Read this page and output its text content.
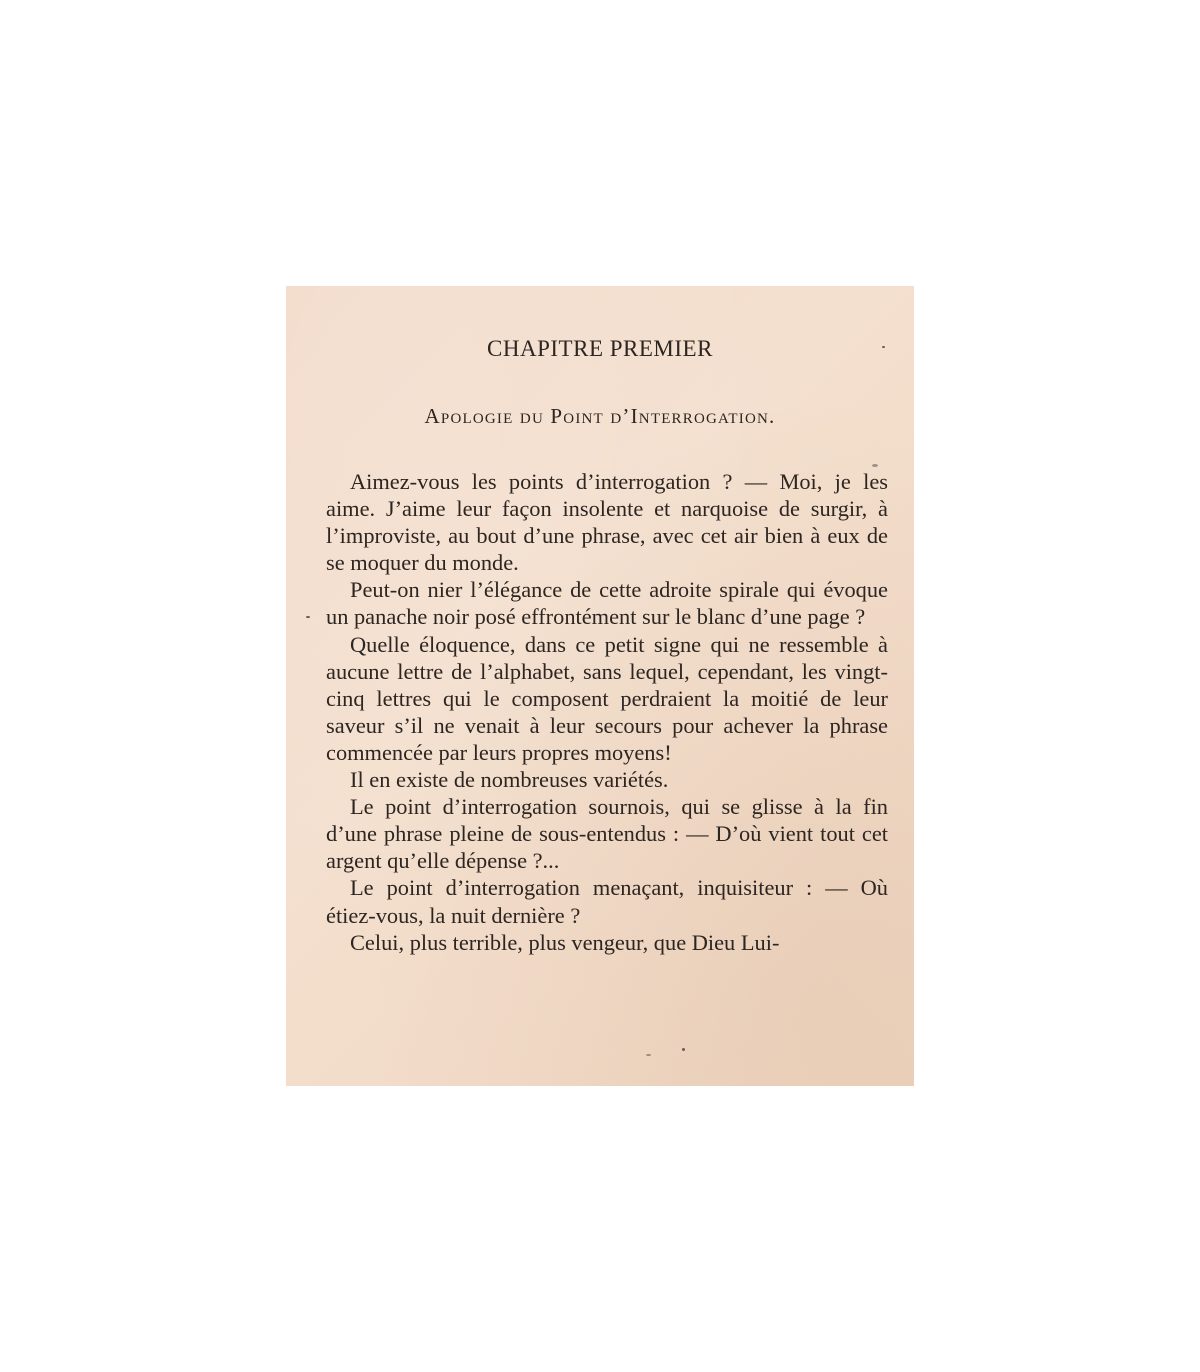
CHAPITRE PREMIER
Apologie du Point d’Interrogation.

Aimez-vous les points d’interrogation ? — Moi, je les aime. J’aime leur façon insolente et narquoise de surgir, à l’improviste, au bout d’une phrase, avec cet air bien à eux de se moquer du monde.

Peut-on nier l’élégance de cette adroite spirale qui évoque un panache noir posé effrontément sur le blanc d’une page ?

Quelle éloquence, dans ce petit signe qui ne ressemble à aucune lettre de l’alphabet, sans lequel, cependant, les vingt-cinq lettres qui le composent perdraient la moitié de leur saveur s’il ne venait à leur secours pour achever la phrase commencée par leurs propres moyens!

Il en existe de nombreuses variétés.

Le point d’interrogation sournois, qui se glisse à la fin d’une phrase pleine de sous-entendus : — D’où vient tout cet argent qu’elle dépense ?...

Le point d’interrogation menaçant, inquisiteur : — Où étiez-vous, la nuit dernière ?

Celui, plus terrible, plus vengeur, que Dieu Lui-
